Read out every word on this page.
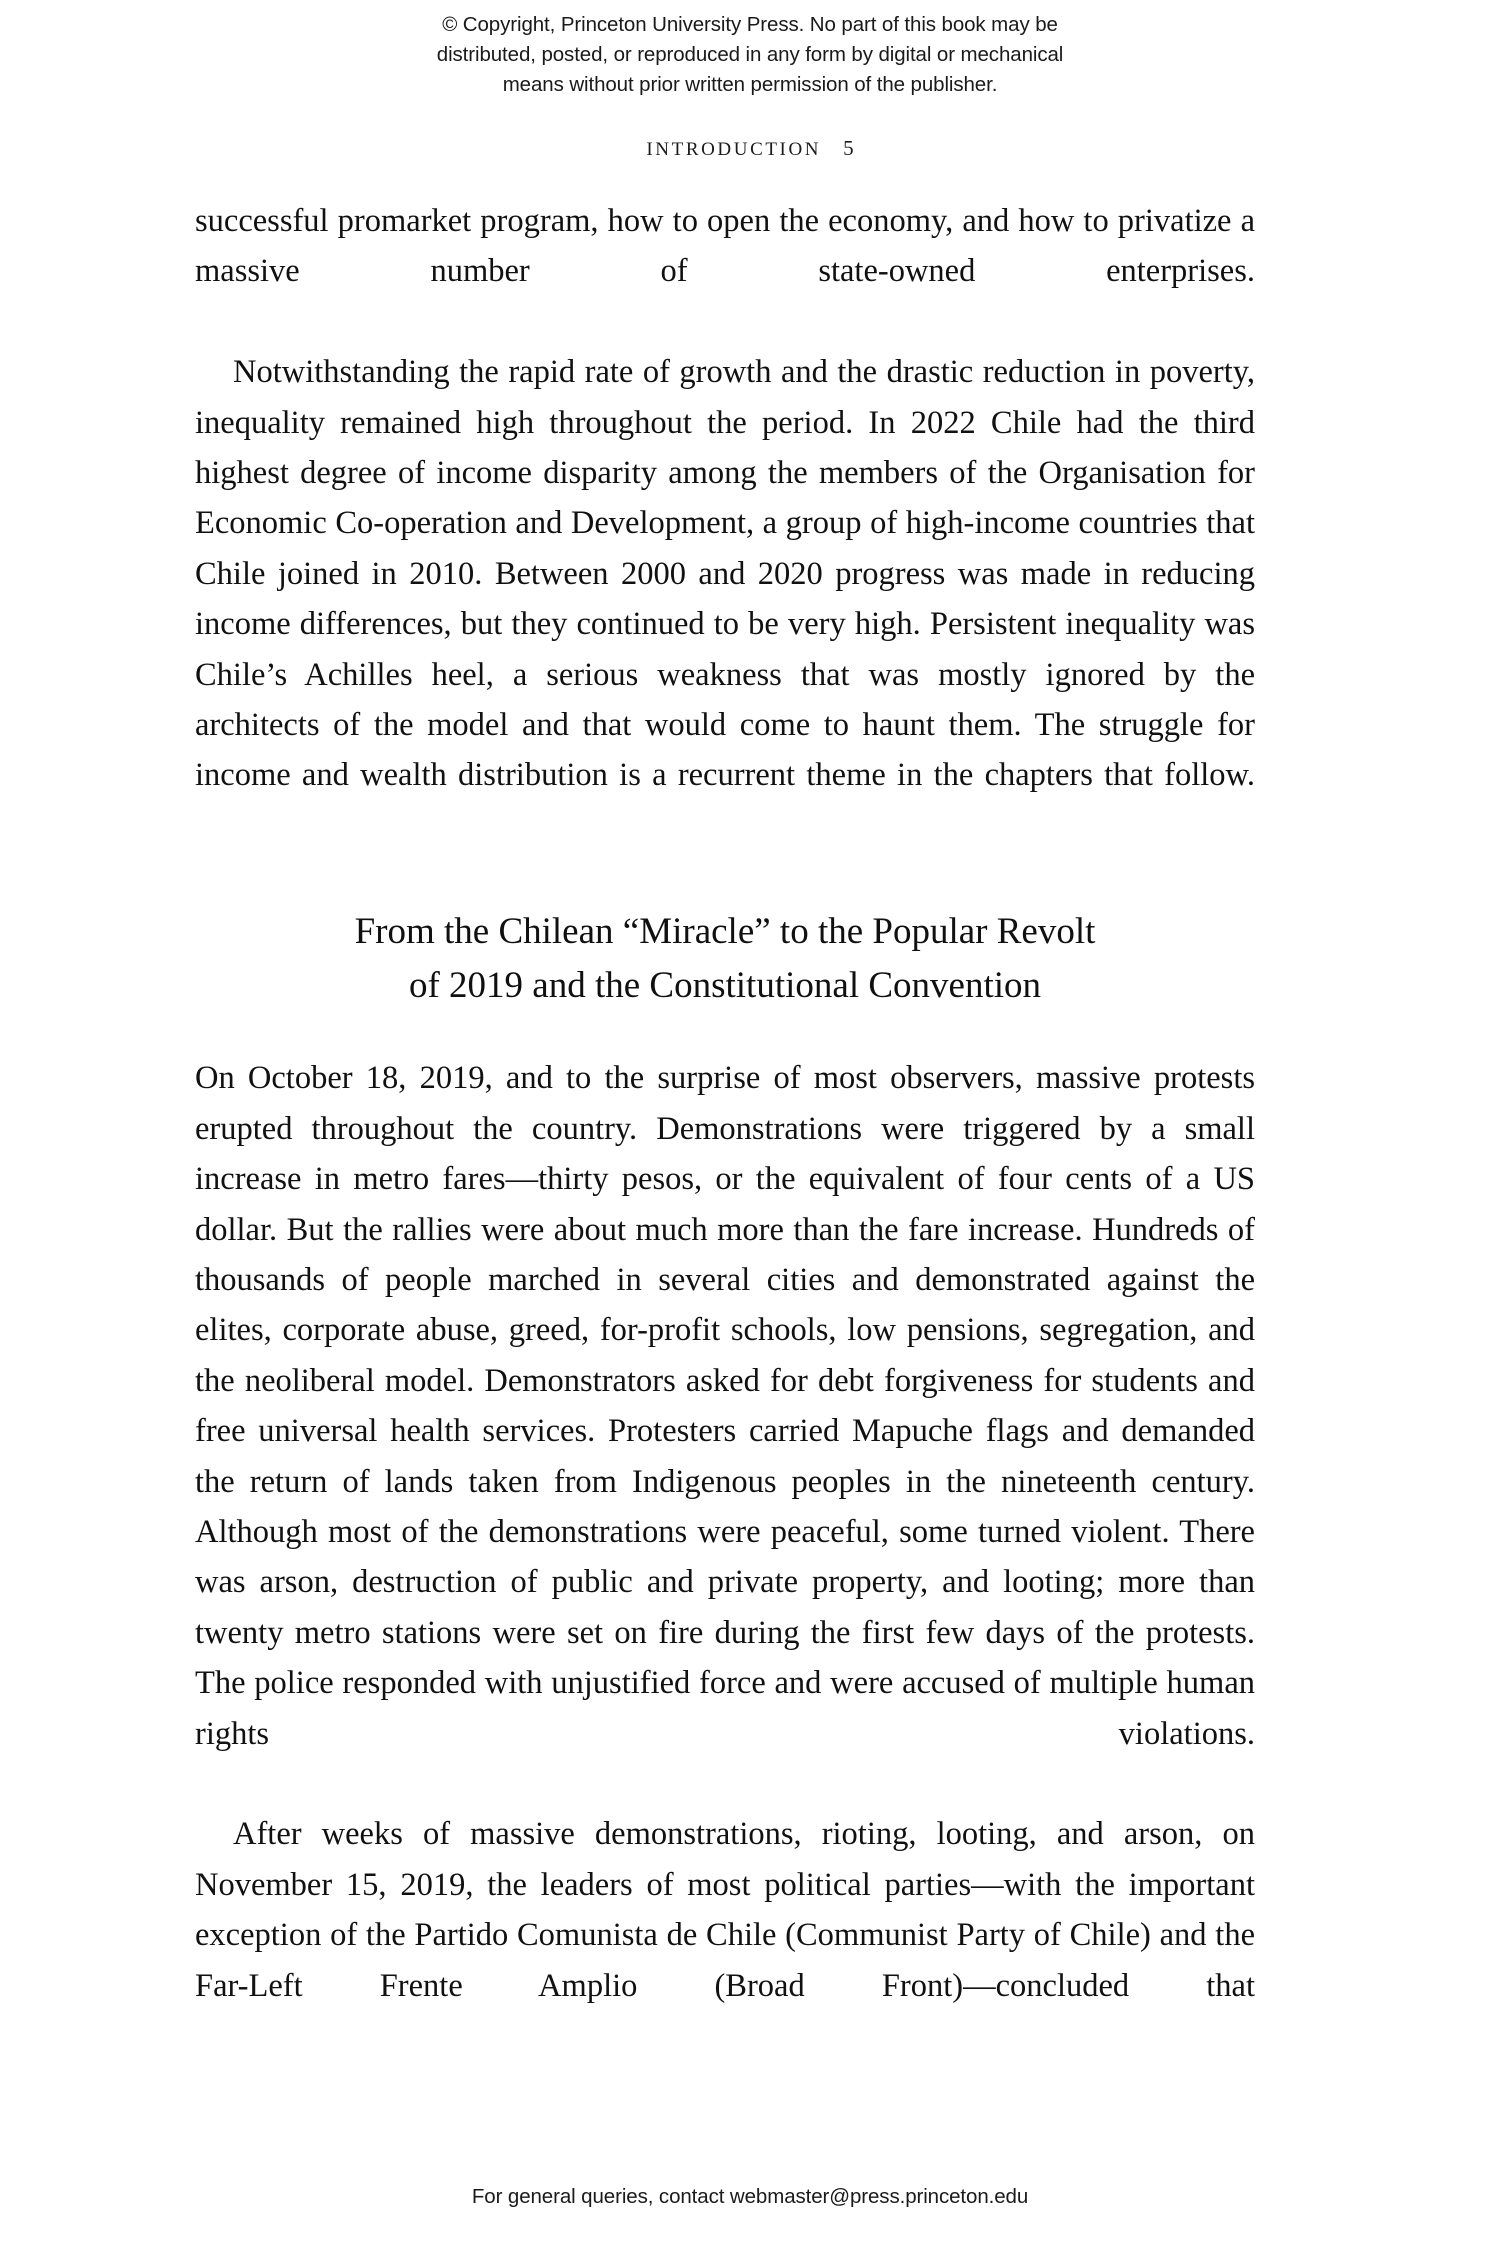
© Copyright, Princeton University Press. No part of this book may be
distributed, posted, or reproduced in any form by digital or mechanical
means without prior written permission of the publisher.
INTRODUCTION 5

successful promarket program, how to open the economy, and how to privatize a massive number of state-owned enterprises.

Notwithstanding the rapid rate of growth and the drastic reduction in poverty, inequality remained high throughout the period. In 2022 Chile had the third highest degree of income disparity among the members of the Organisation for Economic Co-operation and Development, a group of high-income countries that Chile joined in 2010. Between 2000 and 2020 progress was made in reducing income differences, but they continued to be very high. Persistent inequality was Chile’s Achilles heel, a serious weakness that was mostly ignored by the architects of the model and that would come to haunt them. The struggle for income and wealth distribution is a recurrent theme in the chapters that follow.

From the Chilean “Miracle” to the Popular Revolt
of 2019 and the Constitutional Convention

On October 18, 2019, and to the surprise of most observers, massive protests erupted throughout the country. Demonstrations were triggered by a small increase in metro fares—thirty pesos, or the equivalent of four cents of a US dollar. But the rallies were about much more than the fare increase. Hundreds of thousands of people marched in several cities and demonstrated against the elites, corporate abuse, greed, for-profit schools, low pensions, segregation, and the neoliberal model. Demonstrators asked for debt forgiveness for students and free universal health services. Protesters carried Mapuche flags and demanded the return of lands taken from Indigenous peoples in the nineteenth century. Although most of the demonstrations were peaceful, some turned violent. There was arson, destruction of public and private property, and looting; more than twenty metro stations were set on fire during the first few days of the protests. The police responded with unjustified force and were accused of multiple human rights violations.

After weeks of massive demonstrations, rioting, looting, and arson, on November 15, 2019, the leaders of most political parties—with the important exception of the Partido Comunista de Chile (Communist Party of Chile) and the Far-Left Frente Amplio (Broad Front)—concluded that

For general queries, contact webmaster@press.princeton.edu
